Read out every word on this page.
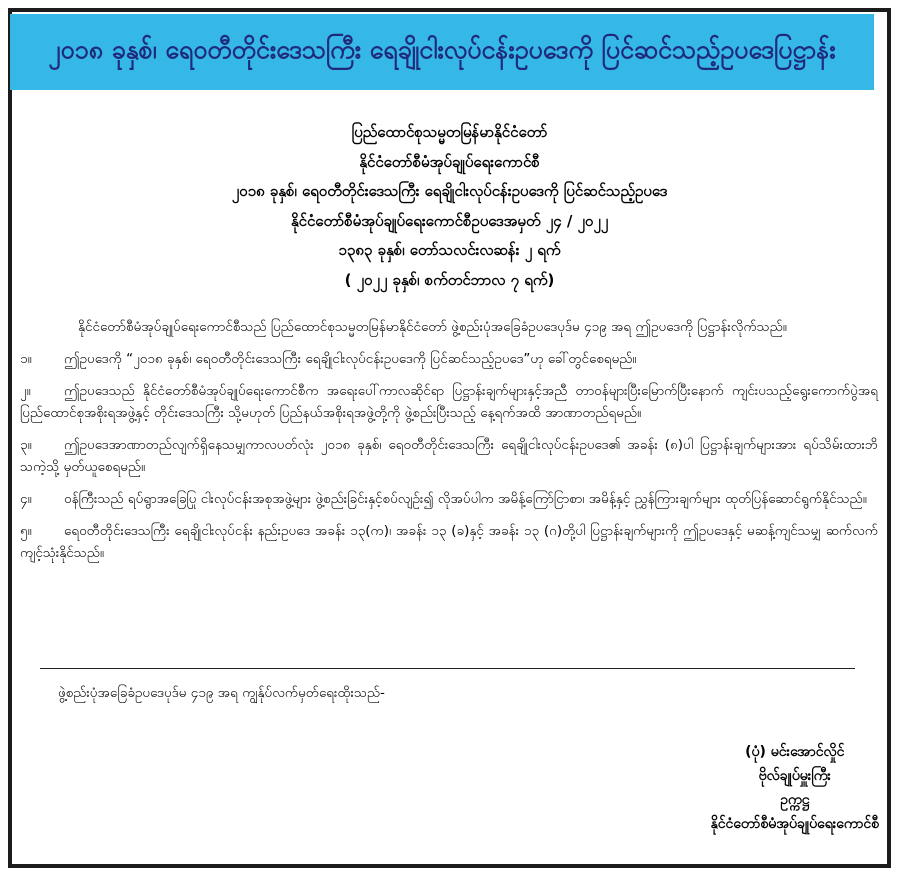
၂၀၁၈ ခုနှစ်၊ ရေဝတီတိုင်းဒေသကြီး ရေချိုငါးလုပ်ငန်းဥပဒေကို ပြင်ဆင်သည့်ဥပဒေပြဋ္ဌာန်း
ပြည်ထောင်စုသမ္မတမြန်မာနိုင်ငံတော်
နိုင်ငံတော်စီမံအုပ်ချုပ်ရေးကောင်စီ
၂၀၁၈ ခုနှစ်၊ ရေဝတီတိုင်းဒေသကြီး ရေချိုငါးလုပ်ငန်းဥပဒေကို ပြင်ဆင်သည့်ဥပဒေ
နိုင်ငံတော်စီမံအုပ်ချုပ်ရေးကောင်စီဥပဒေအမှတ် ၂၄ / ၂၀၂၂
၁၃၈၃ ခုနှစ်၊ တော်သလင်းလဆန်း ၂ ရက်
( ၂၀၂၂ ခုနှစ်၊ စက်တင်ဘာလ ၇ ရက်)

နိုင်ငံတော်စီမံအုပ်ချုပ်ရေးကောင်စီသည် ပြည်ထောင်စုသမ္မတမြန်မာနိုင်ငံတော် ဖွဲ့စည်းပုံအခြေခံဥပဒေပုဒ်မ ၄၁၉ အရ ဤဥပဒေကို ပြဋ္ဌာန်းလိုက်သည်။

၁။ ဤဥပဒေကို “၂၀၁၈ ခုနှစ်၊ ရေဝတီတိုင်းဒေသကြီး ရေချိုငါးလုပ်ငန်းဥပဒေကို ပြင်ဆင်သည့်ဥပဒေ”ဟု ခေါ်တွင်စေရမည်။

၂။ ဤဥပဒေသည် နိုင်ငံတော်စီမံအုပ်ချုပ်ရေးကောင်စီက အရေးပေါ်ကာလဆိုင်ရာ ပြဋ္ဌာန်းချက်များနှင့်အညီ တာဝန်များပြီးမြောက်ပြီးနောက် ကျင်းပသည့်ရွေးကောက်ပွဲအရ ပြည်ထောင်စုအစိုးရအဖွဲ့နှင့် တိုင်းဒေသကြီး သို့မဟုတ် ပြည်နယ်အစိုးရအဖွဲ့တို့ကို ဖွဲ့စည်းပြီးသည့် နေ့ရက်အထိ အာဏာတည်ရမည်။

၃။ ဤဥပဒေအာဏာတည်လျက်ရှိနေသမျှကာလပတ်လုံး ၂၀၁၈ ခုနှစ်၊ ရေဝတီတိုင်းဒေသကြီး ရေချိုငါးလုပ်ငန်းဥပဒေ၏ အခန်း (၈)ပါ ပြဋ္ဌာန်းချက်များအား ရပ်သိမ်းထားဘိသကဲ့သို့ မှတ်ယူစေရမည်။

၄။ ဝန်ကြီးသည် ရပ်ရွာအခြေပြု ငါးလုပ်ငန်းအစုအဖွဲ့များ ဖွဲ့စည်းခြင်းနှင့်စပ်လျဉ်း၍ လိုအပ်ပါက အမိန့်ကြော်ငြာစာ၊ အမိန့်နှင့် ညွှန်ကြားချက်များ ထုတ်ပြန်ဆောင်ရွက်နိုင်သည်။

၅။ ရေဝတီတိုင်းဒေသကြီး ရေချိုငါးလုပ်ငန်း နည်းဥပဒေ အခန်း ၁၃(က)၊ အခန်း ၁၃ (ခ)နှင့် အခန်း ၁၃ (ဂ)တို့ပါ ပြဋ္ဌာန်းချက်များကို ဤဥပဒေနှင့် မဆန့်ကျင်သမျှ ဆက်လက်ကျင့်သုံးနိုင်သည်။

ဖွဲ့စည်းပုံအခြေခံဥပဒေပုဒ်မ ၄၁၉ အရ ကျွန်ုပ်လက်မှတ်ရေးထိုးသည်-
(ပုံ) မင်းအောင်လှိုင်
ဗိုလ်ချုပ်မှူးကြီး
ဥက္ကဋ္ဌ
နိုင်ငံတော်စီမံအုပ်ချုပ်ရေးကောင်စီ
